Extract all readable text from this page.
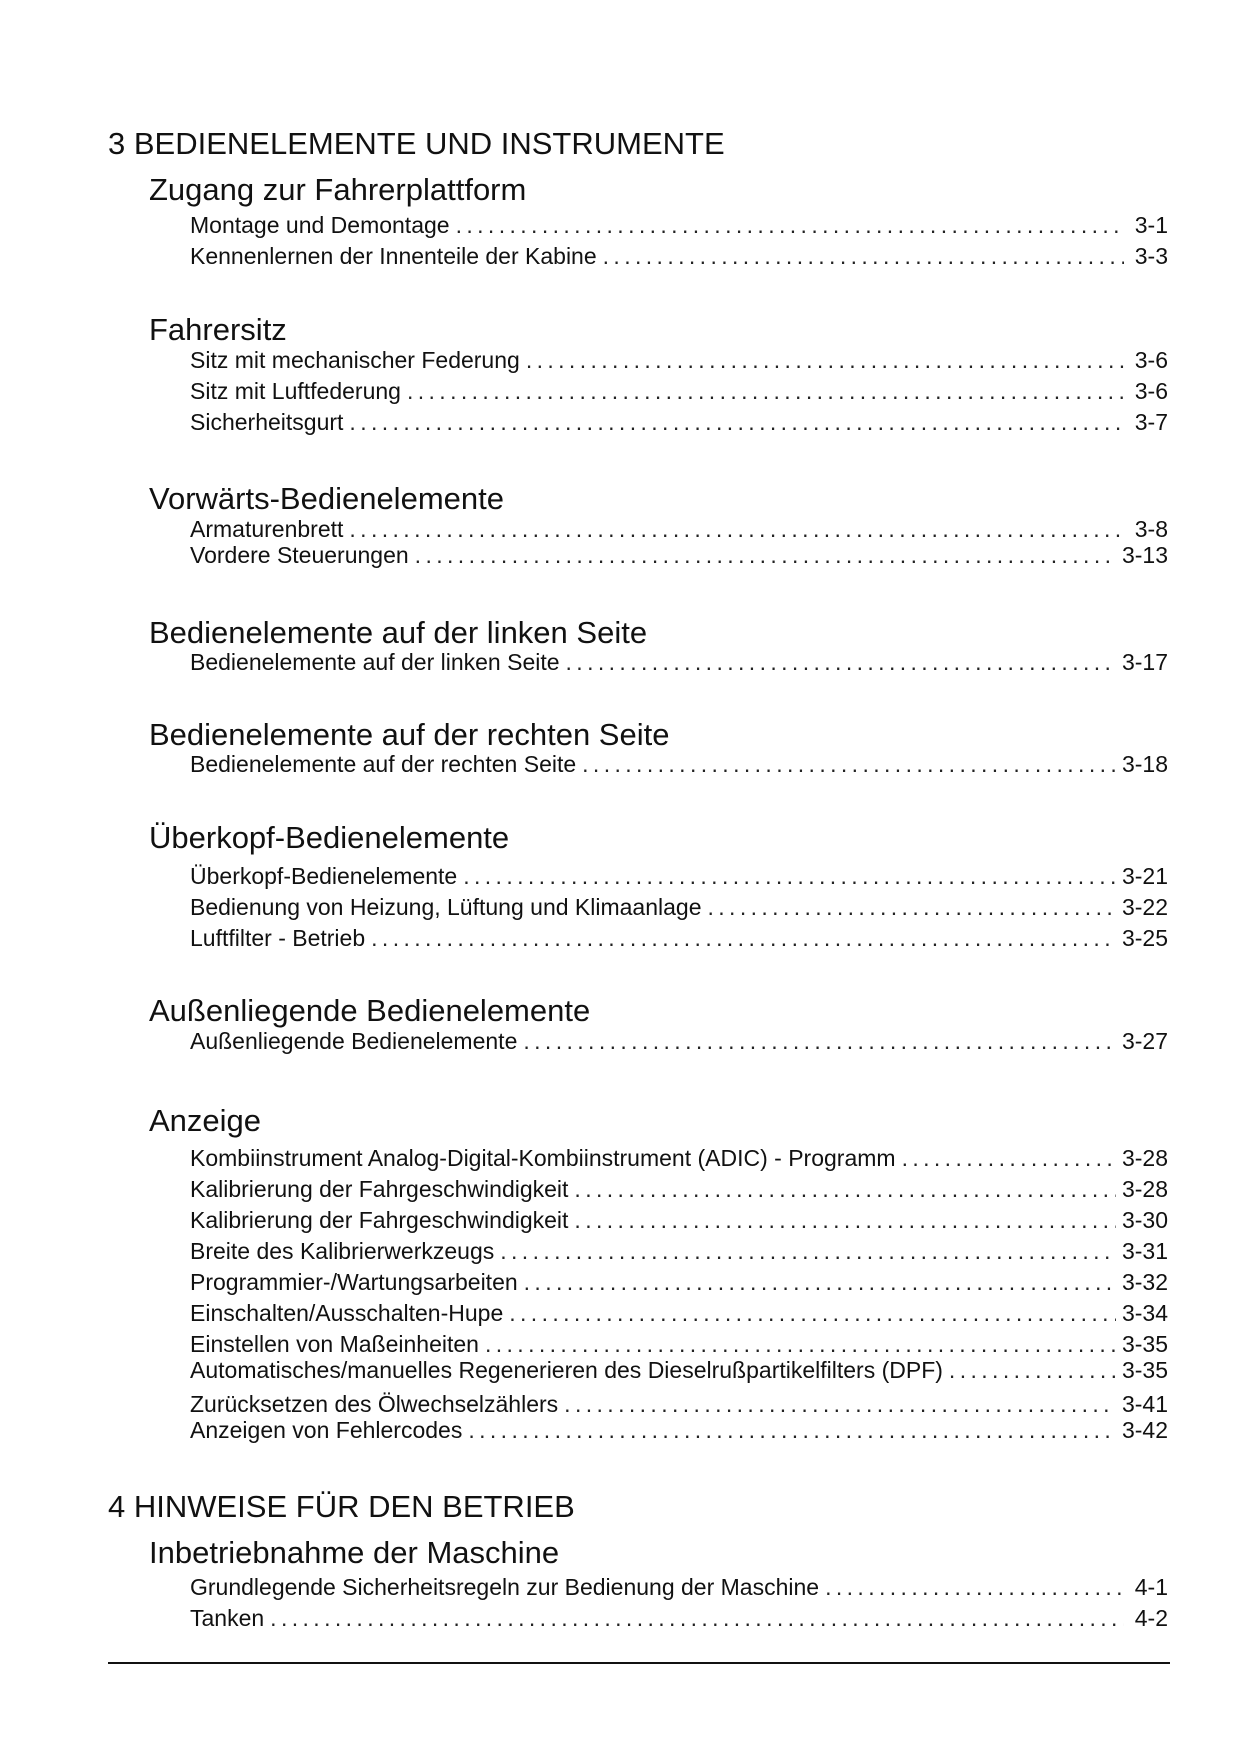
3 BEDIENELEMENTE UND INSTRUMENTE
Zugang zur Fahrerplattform
Montage und Demontage . . .	3-1
Kennenlernen der Innenteile der Kabine . . .	3-3
Fahrersitz
Sitz mit mechanischer Federung . . .	3-6
Sitz mit Luftfederung . . .	3-6
Sicherheitsgurt . . .	3-7
Vorwärts-Bedienelemente
Armaturenbrett . . .	3-8
Vordere Steuerungen . . .	3-13
Bedienelemente auf der linken Seite
Bedienelemente auf der linken Seite . . .	3-17
Bedienelemente auf der rechten Seite
Bedienelemente auf der rechten Seite . . .	3-18
Überkopf-Bedienelemente
Überkopf-Bedienelemente . . .	3-21
Bedienung von Heizung, Lüftung und Klimaanlage . . .	3-22
Luftfilter - Betrieb . . .	3-25
Außenliegende Bedienelemente
Außenliegende Bedienelemente . . .	3-27
Anzeige
Kombiinstrument Analog-Digital-Kombiinstrument (ADIC) - Programm . . .	3-28
Kalibrierung der Fahrgeschwindigkeit . . .	3-28
Kalibrierung der Fahrgeschwindigkeit . . .	3-30
Breite des Kalibrierwerkzeugs . . .	3-31
Programmier-/Wartungsarbeiten . . .	3-32
Einschalten/Ausschalten-Hupe . . .	3-34
Einstellen von Maßeinheiten . . .	3-35
Automatisches/manuelles Regenerieren des Dieselrußpartikelfilters (DPF) . . .	3-35
Zurücksetzen des Ölwechselzählers . . .	3-41
Anzeigen von Fehlercodes . . .	3-42
4 HINWEISE FÜR DEN BETRIEB
Inbetriebnahme der Maschine
Grundlegende Sicherheitsregeln zur Bedienung der Maschine . . .	4-1
Tanken . . .	4-2
